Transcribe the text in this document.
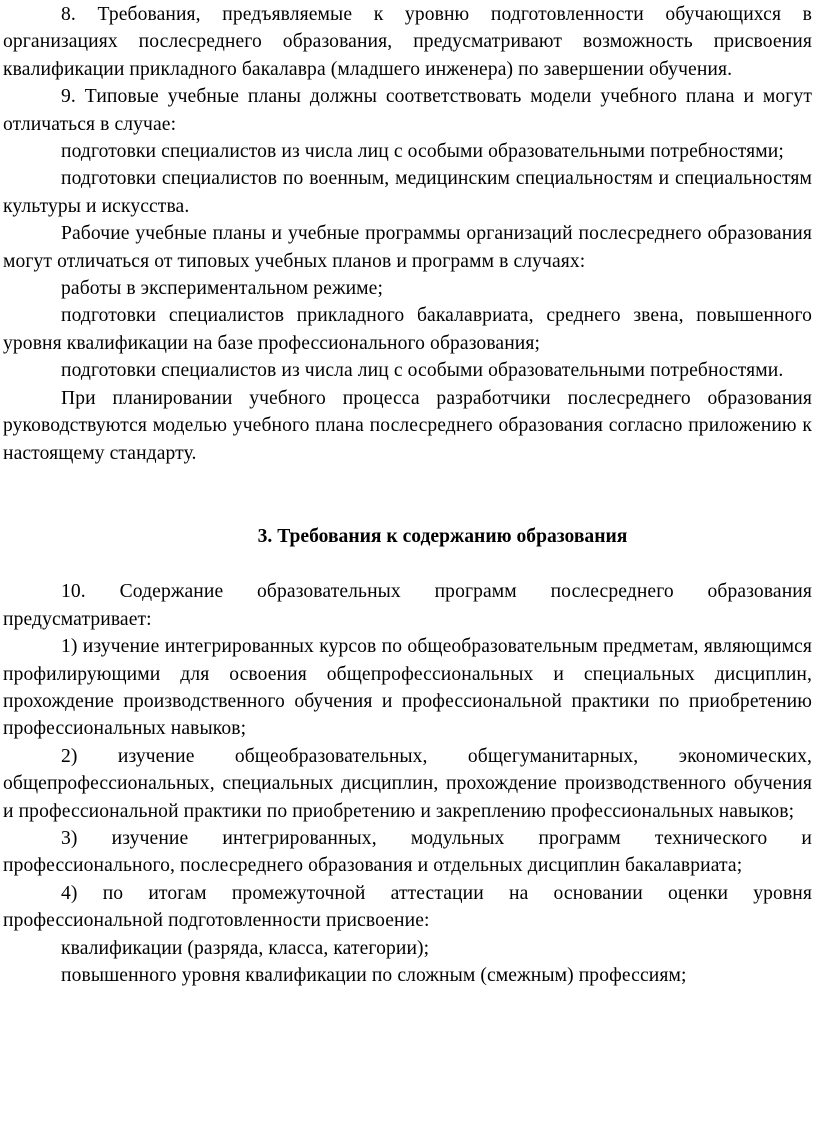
8. Требования, предъявляемые к уровню подготовленности обучающихся в организациях послесреднего образования, предусматривают возможность присвоения квалификации прикладного бакалавра (младшего инженера) по завершении обучения.

9. Типовые учебные планы должны соответствовать модели учебного плана и могут отличаться в случае:

подготовки специалистов из числа лиц с особыми образовательными потребностями;

подготовки специалистов по военным, медицинским специальностям и специальностям культуры и искусства.

Рабочие учебные планы и учебные программы организаций послесреднего образования могут отличаться от типовых учебных планов и программ в случаях:

работы в экспериментальном режиме;

подготовки специалистов прикладного бакалавриата, среднего звена, повышенного уровня квалификации на базе профессионального образования;

подготовки специалистов из числа лиц с особыми образовательными потребностями.

При планировании учебного процесса разработчики послесреднего образования руководствуются моделью учебного плана послесреднего образования согласно приложению к настоящему стандарту.

3. Требования к содержанию образования

10. Содержание образовательных программ послесреднего образования предусматривает:

1) изучение интегрированных курсов по общеобразовательным предметам, являющимся профилирующими для освоения общепрофессиональных и специальных дисциплин, прохождение производственного обучения и профессиональной практики по приобретению профессиональных навыков;

2) изучение общеобразовательных, общегуманитарных, экономических, общепрофессиональных, специальных дисциплин, прохождение производственного обучения и профессиональной практики по приобретению и закреплению профессиональных навыков;

3) изучение интегрированных, модульных программ технического и профессионального, послесреднего образования и отдельных дисциплин бакалавриата;

4) по итогам промежуточной аттестации на основании оценки уровня профессиональной подготовленности присвоение:

квалификации (разряда, класса, категории);

повышенного уровня квалификации по сложным (смежным) профессиям;
